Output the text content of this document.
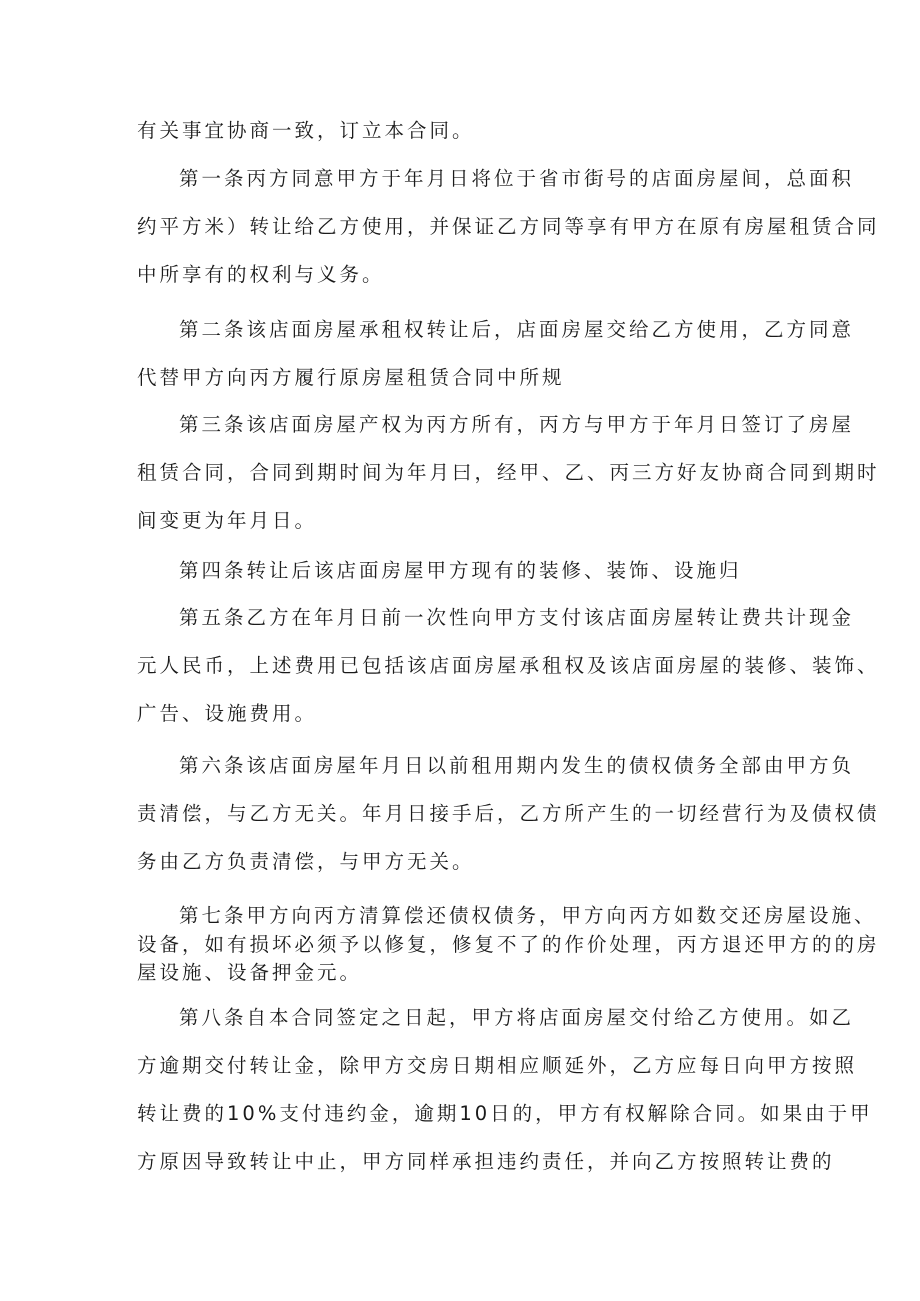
有关事宜协商一致，订立本合同。
第一条丙方同意甲方于年月日将位于省市街号的店面房屋间，总面积
约平方米）转让给乙方使用，并保证乙方同等享有甲方在原有房屋租赁合同
中所享有的权利与义务。
第二条该店面房屋承租权转让后，店面房屋交给乙方使用，乙方同意
代替甲方向丙方履行原房屋租赁合同中所规
第三条该店面房屋产权为丙方所有，丙方与甲方于年月日签订了房屋
租赁合同，合同到期时间为年月曰，经甲、乙、丙三方好友协商合同到期时
间变更为年月日。
第四条转让后该店面房屋甲方现有的装修、装饰、设施归
第五条乙方在年月日前一次性向甲方支付该店面房屋转让费共计现金
元人民币，上述费用已包括该店面房屋承租权及该店面房屋的装修、装饰、
广告、设施费用。
第六条该店面房屋年月日以前租用期内发生的债权债务全部由甲方负
责清偿，与乙方无关。年月日接手后，乙方所产生的一切经营行为及债权债
务由乙方负责清偿，与甲方无关。
第七条甲方向丙方清算偿还债权债务，甲方向丙方如数交还房屋设施、
设备，如有损坏必须予以修复，修复不了的作价处理，丙方退还甲方的的房
屋设施、设备押金元。
第八条自本合同签定之日起，甲方将店面房屋交付给乙方使用。如乙
方逾期交付转让金，除甲方交房日期相应顺延外，乙方应每日向甲方按照
转让费的10%支付违约金，逾期10日的，甲方有权解除合同。如果由于甲
方原因导致转让中止，甲方同样承担违约责任，并向乙方按照转让费的
